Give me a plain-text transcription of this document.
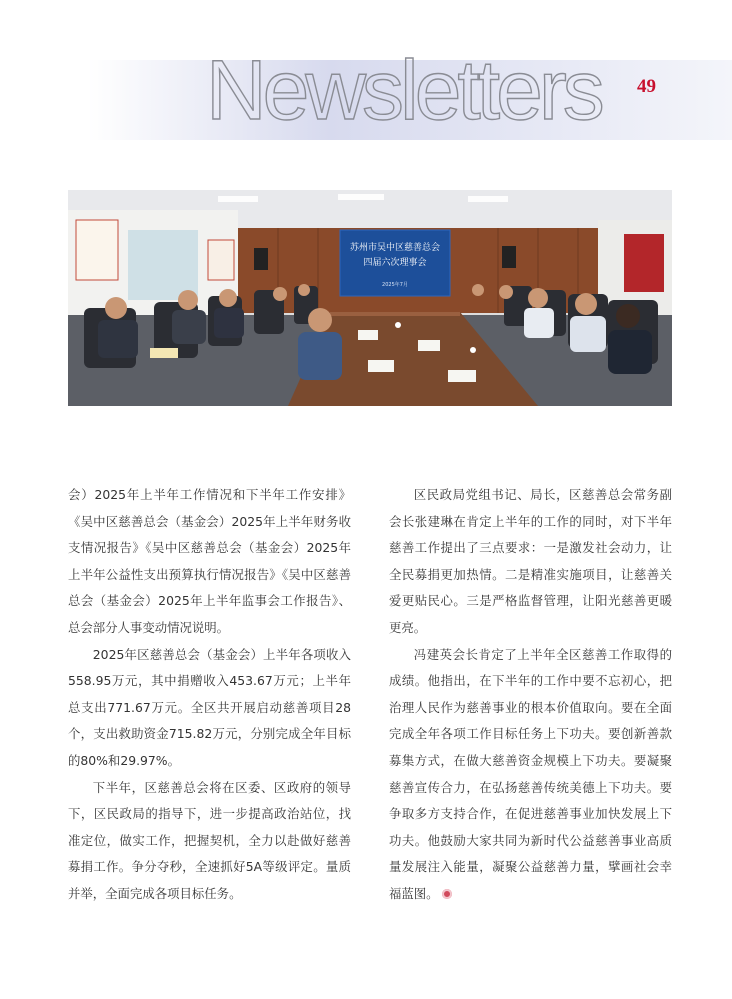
Newsletters 49
苏州市吴中区慈善总会
四届六次理事会
2025年7月

会）2025年上半年工作情况和下半年工作安排》《吴中区慈善总会（基金会）2025年上半年财务收支情况报告》《吴中区慈善总会（基金会）2025年上半年公益性支出预算执行情况报告》《吴中区慈善总会（基金会）2025年上半年监事会工作报告》、总会部分人事变动情况说明。

2025年区慈善总会（基金会）上半年各项收入558.95万元，其中捐赠收入453.67万元；上半年总支出771.67万元。全区共开展启动慈善项目28个，支出救助资金715.82万元，分别完成全年目标的80%和29.97%。

下半年，区慈善总会将在区委、区政府的领导下，区民政局的指导下，进一步提高政治站位，找准定位，做实工作，把握契机，全力以赴做好慈善募捐工作。争分夺秒，全速抓好5A等级评定。量质并举，全面完成各项目标任务。

区民政局党组书记、局长，区慈善总会常务副会长张建琳在肯定上半年的工作的同时，对下半年慈善工作提出了三点要求：一是激发社会动力，让全民募捐更加热情。二是精准实施项目，让慈善关爱更贴民心。三是严格监督管理，让阳光慈善更暖更亮。

冯建英会长肯定了上半年全区慈善工作取得的成绩。他指出，在下半年的工作中要不忘初心，把治理人民作为慈善事业的根本价值取向。要在全面完成全年各项工作目标任务上下功夫。要创新善款募集方式，在做大慈善资金规模上下功夫。要凝聚慈善宣传合力，在弘扬慈善传统美德上下功夫。要争取多方支持合作，在促进慈善事业加快发展上下功夫。他鼓励大家共同为新时代公益慈善事业高质量发展注入能量，凝聚公益慈善力量，擘画社会幸福蓝图。
